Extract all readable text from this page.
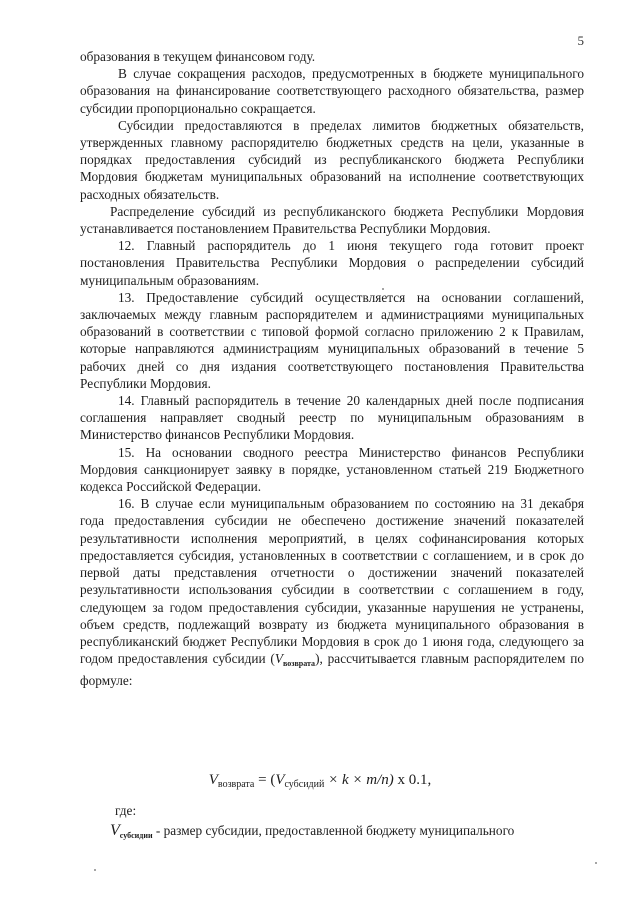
5

образования в текущем финансовом году.

В случае сокращения расходов, предусмотренных в бюджете муниципального образования на финансирование соответствующего расходного обязательства, размер субсидии пропорционально сокращается.

Субсидии предоставляются в пределах лимитов бюджетных обязательств, утвержденных главному распорядителю бюджетных средств на цели, указанные в порядках предоставления субсидий из республиканского бюджета Республики Мордовия бюджетам муниципальных образований на исполнение соответствующих расходных обязательств.

Распределение субсидий из республиканского бюджета Республики Мордовия устанавливается постановлением Правительства Республики Мордовия.

12. Главный распорядитель до 1 июня текущего года готовит проект постановления Правительства Республики Мордовия о распределении субсидий муниципальным образованиям.

13. Предоставление субсидий осуществляется на основании соглашений, заключаемых между главным распорядителем и администрациями муниципальных образований в соответствии с типовой формой согласно приложению 2 к Правилам, которые направляются администрациям муниципальных образований в течение 5 рабочих дней со дня издания соответствующего постановления Правительства Республики Мордовия.

14. Главный распорядитель в течение 20 календарных дней после подписания соглашения направляет сводный реестр по муниципальным образованиям в Министерство финансов Республики Мордовия.

15. На основании сводного реестра Министерство финансов Республики Мордовия санкционирует заявку в порядке, установленном статьей 219 Бюджетного кодекса Российской Федерации.

16. В случае если муниципальным образованием по состоянию на 31 декабря года предоставления субсидии не обеспечено достижение значений показателей результативности исполнения мероприятий, в целях софинансирования которых предоставляется субсидия, установленных в соответствии с соглашением, и в срок до первой даты представления отчетности о достижении значений показателей результативности использования субсидии в соответствии с соглашением в году, следующем за годом предоставления субсидии, указанные нарушения не устранены, объем средств, подлежащий возврату из бюджета муниципального образования в республиканский бюджет Республики Мордовия в срок до 1 июня года, следующего за годом предоставления субсидии $(V_{возврата})$, рассчитывается главным распорядителем по формуле:

$V_{возврата} = (V_{субсидий} \times k \times m/n)$ х 0.1,
где:
$V_{субсидии}$ - размер субсидии, предоставленной бюджету муниципального
